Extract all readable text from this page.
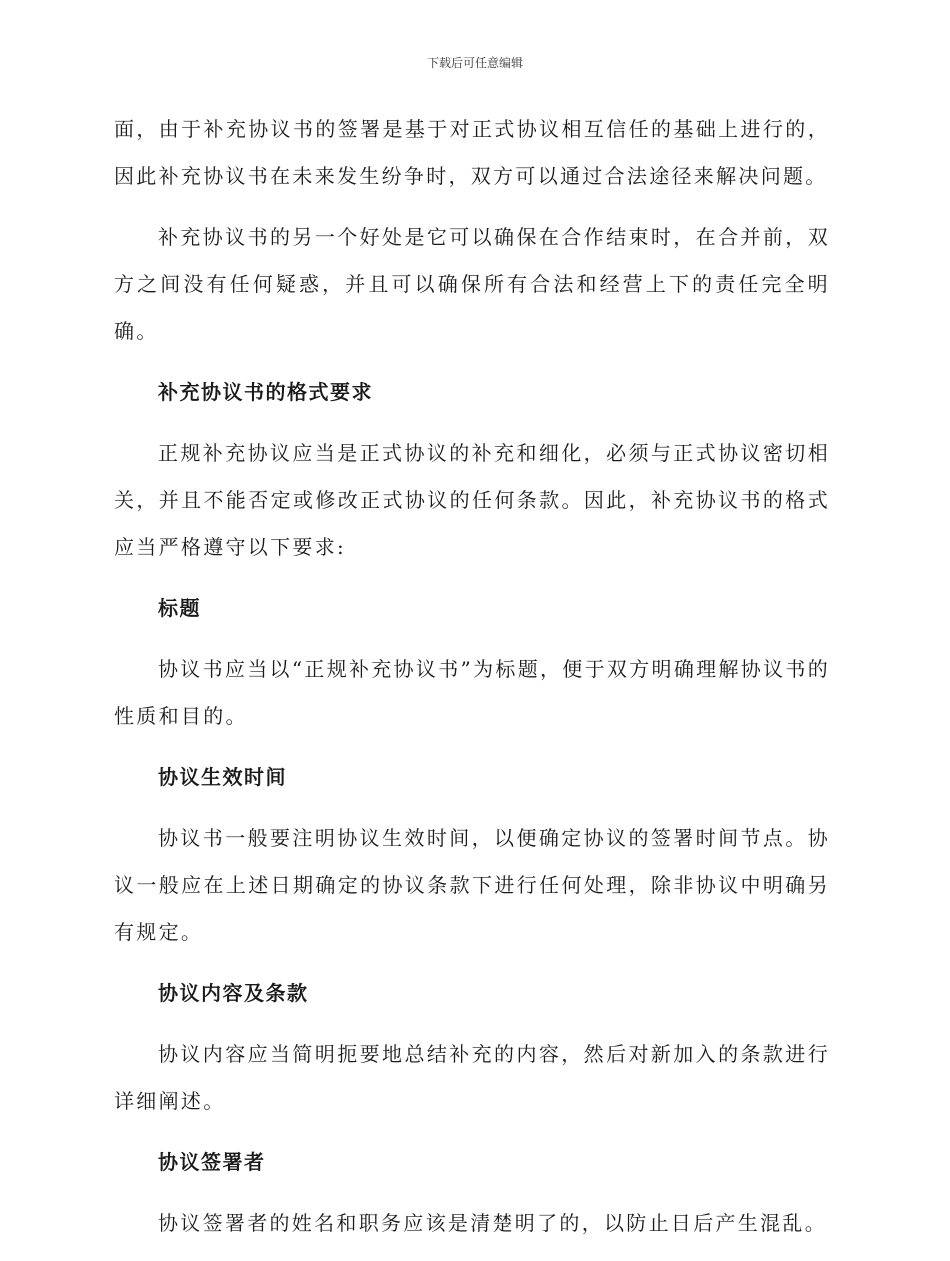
下载后可任意编辑

面，由于补充协议书的签署是基于对正式协议相互信任的基础上进行的，因此补充协议书在未来发生纷争时，双方可以通过合法途径来解决问题。

补充协议书的另一个好处是它可以确保在合作结束时，在合并前，双方之间没有任何疑惑，并且可以确保所有合法和经营上下的责任完全明确。

补充协议书的格式要求

正规补充协议应当是正式协议的补充和细化，必须与正式协议密切相关，并且不能否定或修改正式协议的任何条款。因此，补充协议书的格式应当严格遵守以下要求:

标题

协议书应当以“正规补充协议书”为标题，便于双方明确理解协议书的性质和目的。

协议生效时间

协议书一般要注明协议生效时间，以便确定协议的签署时间节点。协议一般应在上述日期确定的协议条款下进行任何处理，除非协议中明确另有规定。

协议内容及条款

协议内容应当简明扼要地总结补充的内容，然后对新加入的条款进行详细阐述。

协议签署者

协议签署者的姓名和职务应该是清楚明了的，以防止日后产生混乱。
